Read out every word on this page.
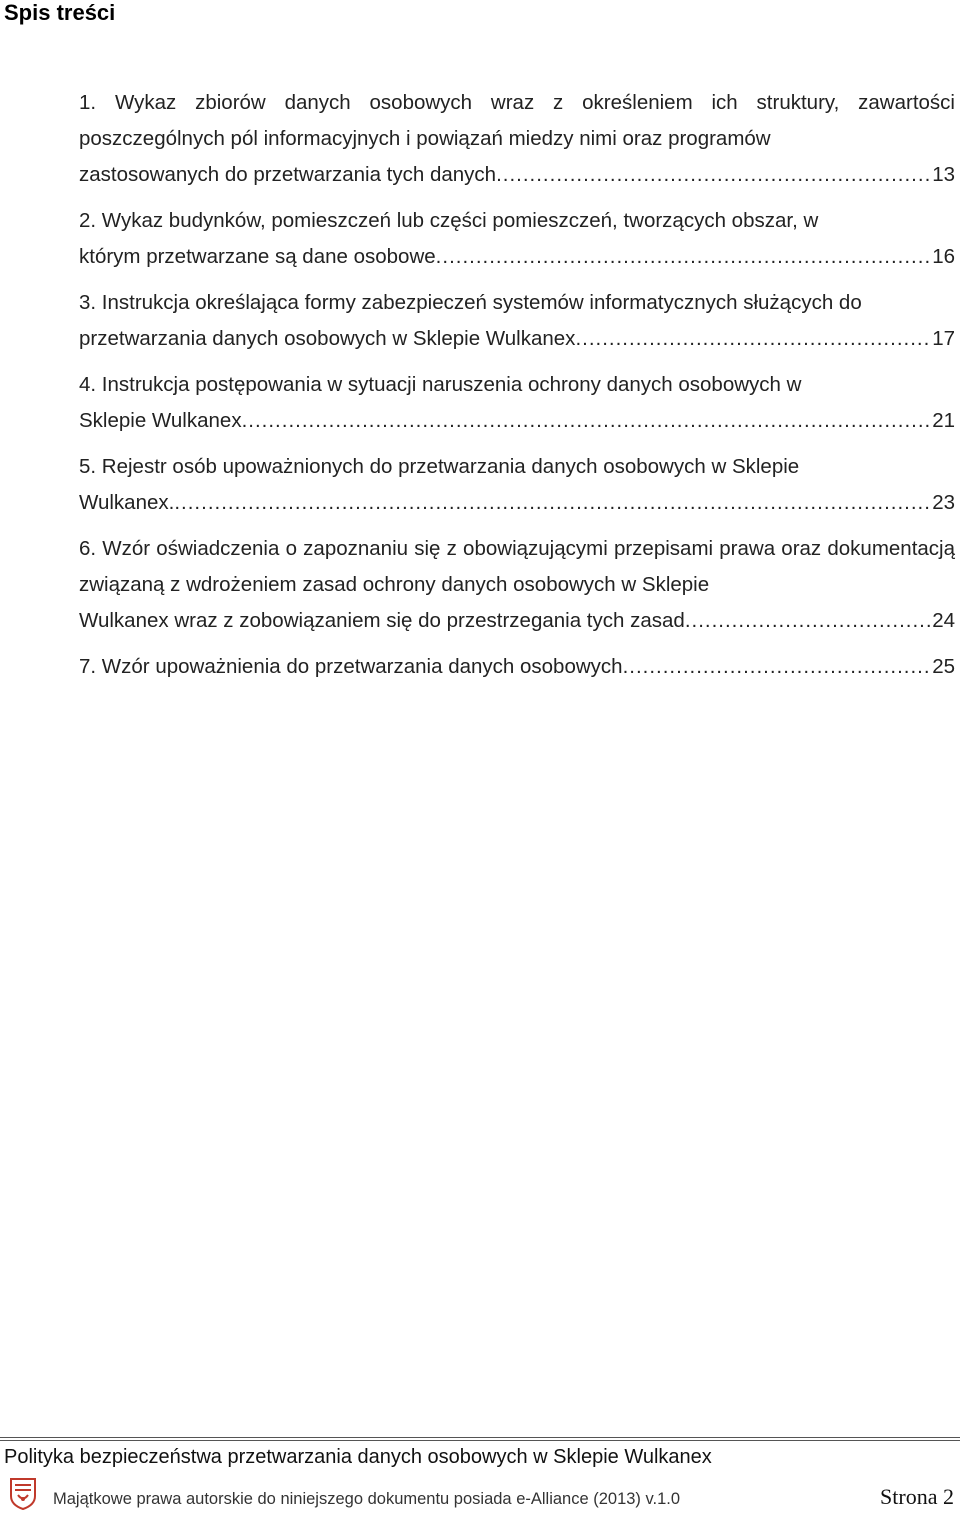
Spis treści
1. Wykaz zbiorów danych osobowych wraz z określeniem ich struktury, zawartości poszczególnych pól informacyjnych i powiązań miedzy nimi oraz programów
zastosowanych do przetwarzania tych danych .....	13
2. Wykaz budynków, pomieszczeń lub części pomieszczeń, tworzących obszar, w
którym przetwarzane są dane osobowe .....	16
3. Instrukcja określająca formy zabezpieczeń systemów informatycznych służących do
przetwarzania danych osobowych w Sklepie Wulkanex .....	17
4. Instrukcja postępowania w sytuacji naruszenia ochrony danych osobowych w
Sklepie Wulkanex .....	21
5. Rejestr osób upoważnionych do przetwarzania danych osobowych w Sklepie
Wulkanex. .....	23
6. Wzór oświadczenia o zapoznaniu się z obowiązującymi przepisami prawa oraz dokumentacją związaną z wdrożeniem zasad ochrony danych osobowych w Sklepie
Wulkanex wraz z zobowiązaniem się do przestrzegania tych zasad .....	24
7. Wzór upoważnienia do przetwarzania danych osobowych .....	25
Polityka bezpieczeństwa przetwarzania danych osobowych w Sklepie Wulkanex
Majątkowe prawa autorskie do niniejszego dokumentu posiada e-Alliance (2013) v.1.0	Strona 2
